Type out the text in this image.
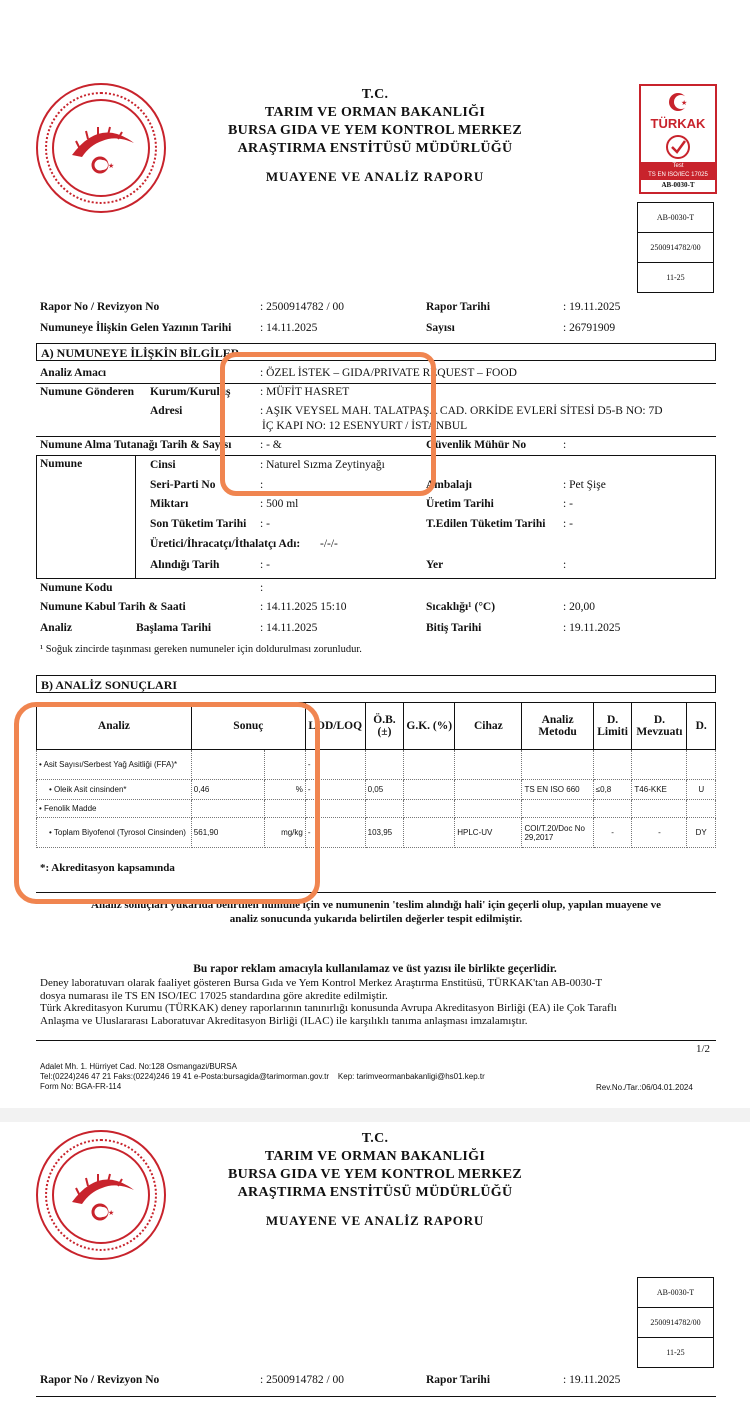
★
T.C.
TARIM VE ORMAN BAKANLIĞI
BURSA GIDA VE YEM KONTROL MERKEZ
ARAŞTIRMA ENSTİTÜSÜ MÜDÜRLÜĞÜ
MUAYENE VE ANALİZ RAPORU
★
TÜRKAK
Test
TS EN ISO/IEC 17025
AB-0030-T
AB-0030-T
2500914782/00
11-25
Rapor No / Revizyon No	: 2500914782 / 00	Rapor Tarihi	: 19.11.2025
Numuneye İlişkin Gelen Yazının Tarihi : 14.11.2025	Sayısı	: 26791909
A) NUMUNEYE İLİŞKİN BİLGİLER
Analiz Amacı	: ÖZEL İSTEK – GIDA/PRIVATE REQUEST – FOOD
Numune Gönderen Kurum/Kuruluş	: MÜFİT HASRET
Adresi	: AŞIK VEYSEL MAH. TALATPAŞA CAD. ORKİDE EVLERİ SİTESİ D5-B NO: 7D
İÇ KAPI NO: 12 ESENYURT / İSTANBUL
Numune Alma Tutanağı Tarih & Sayısı : - &	Güvenlik Mühür No	:
Numune	Cinsi	: Naturel Sızma Zeytinyağı
Seri-Parti No	:	Ambalajı	: Pet Şişe
Miktarı	: 500 ml	Üretim Tarihi	: -
Son Tüketim Tarihi : -	T.Edilen Tüketim Tarihi : -
Üretici/İhracatçı/İthalatçı Adı: -/-/-
Alındığı Tarih	: -	Yer	:
Numune Kodu	:
Numune Kabul Tarih & Saati	: 14.11.2025 15:10	Sıcaklığı¹ (°C)	: 20,00
Analiz	Başlama Tarihi	: 14.11.2025	Bitiş Tarihi	: 19.11.2025
¹ Soğuk zincirde taşınması gereken numuneler için doldurulması zorunludur.
B) ANALİZ SONUÇLARI
Analiz	Sonuç		LOD/LOQ	Ö.B. (±)	G.K. (%)	Cihaz	Analiz Metodu	D. Limiti	D. Mevzuatı	D.
• Asit Sayısı/Serbest Yağ Asitliği (FFA)*			-							
• Oleik Asit cinsinden*	0,46	%	-	0,05			TS EN ISO 660	≤0,8	T46-KKE	U
• Fenolik Madde										
• Toplam Biyofenol (Tyrosol Cinsinden)	561,90	mg/kg	-	103,95		HPLC-UV	COI/T.20/Doc No 29,2017	-	-	DY
*: Akreditasyon kapsamında
Analiz sonuçları yukarıda belirtilen numune için ve numunenin 'teslim alındığı hali' için geçerli olup, yapılan muayene ve
analiz sonucunda yukarıda belirtilen değerler tespit edilmiştir.
Bu rapor reklam amacıyla kullanılamaz ve üst yazısı ile birlikte geçerlidir.
Deney laboratuvarı olarak faaliyet gösteren Bursa Gıda ve Yem Kontrol Merkez Araştırma Enstitüsü, TÜRKAK'tan AB-0030-T
dosya numarası ile TS EN ISO/IEC 17025 standardına göre akredite edilmiştir.
Türk Akreditasyon Kurumu (TÜRKAK) deney raporlarının tanınırlığı konusunda Avrupa Akreditasyon Birliği (EA) ile Çok Taraflı
Anlaşma ve Uluslararası Laboratuvar Akreditasyon Birliği (ILAC) ile karşılıklı tanıma anlaşması imzalamıştır.
1/2
Adalet Mh. 1. Hürriyet Cad. No:128 Osmangazi/BURSA
Tel:(0224)246 47 21 Faks:(0224)246 19 41 e-Posta:bursagida@tarimorman.gov.tr Kep: tarimveormanbakanligi@hs01.kep.tr
Form No: BGA-FR-114	Rev.No./Tar.:06/04.01.2024
★
T.C.
TARIM VE ORMAN BAKANLIĞI
BURSA GIDA VE YEM KONTROL MERKEZ
ARAŞTIRMA ENSTİTÜSÜ MÜDÜRLÜĞÜ
MUAYENE VE ANALİZ RAPORU
AB-0030-T
2500914782/00
11-25
Rapor No / Revizyon No	: 2500914782 / 00	Rapor Tarihi	: 19.11.2025
